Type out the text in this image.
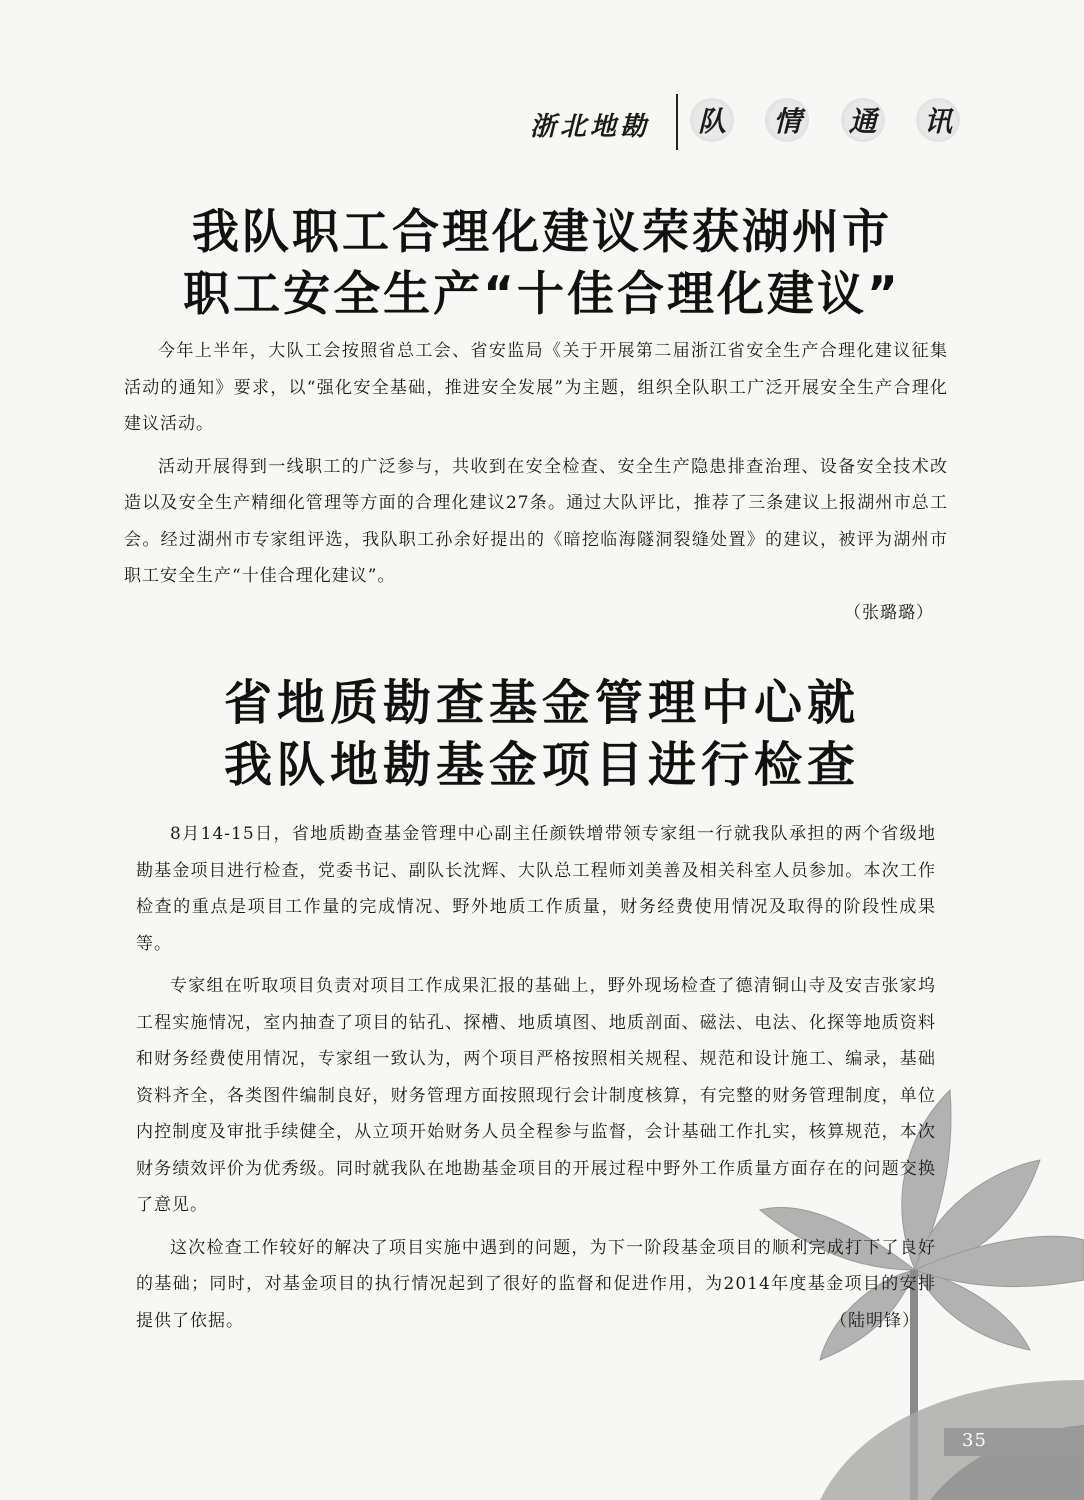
浙北地勘 队 情 通 讯
我队职工合理化建议荣获湖州市
职工安全生产“十佳合理化建议”

今年上半年，大队工会按照省总工会、省安监局《关于开展第二届浙江省安全生产合理化建议征集活动的通知》要求，以“强化安全基础，推进安全发展”为主题，组织全队职工广泛开展安全生产合理化建议活动。

活动开展得到一线职工的广泛参与，共收到在安全检查、安全生产隐患排查治理、设备安全技术改造以及安全生产精细化管理等方面的合理化建议27条。通过大队评比，推荐了三条建议上报湖州市总工会。经过湖州市专家组评选，我队职工孙余好提出的《暗挖临海隧洞裂缝处置》的建议，被评为湖州市职工安全生产“十佳合理化建议”。

（张璐璐）

省地质勘查基金管理中心就
我队地勘基金项目进行检查

8月14-15日，省地质勘查基金管理中心副主任颜铁增带领专家组一行就我队承担的两个省级地勘基金项目进行检查，党委书记、副队长沈辉、大队总工程师刘美善及相关科室人员参加。本次工作检查的重点是项目工作量的完成情况、野外地质工作质量，财务经费使用情况及取得的阶段性成果等。

专家组在听取项目负责对项目工作成果汇报的基础上，野外现场检查了德清铜山寺及安吉张家坞工程实施情况，室内抽查了项目的钻孔、探槽、地质填图、地质剖面、磁法、电法、化探等地质资料和财务经费使用情况，专家组一致认为，两个项目严格按照相关规程、规范和设计施工、编录，基础资料齐全，各类图件编制良好，财务管理方面按照现行会计制度核算，有完整的财务管理制度，单位内控制度及审批手续健全，从立项开始财务人员全程参与监督，会计基础工作扎实，核算规范，本次财务绩效评价为优秀级。同时就我队在地勘基金项目的开展过程中野外工作质量方面存在的问题交换了意见。

这次检查工作较好的解决了项目实施中遇到的问题，为下一阶段基金项目的顺利完成打下了良好的基础；同时，对基金项目的执行情况起到了很好的监督和促进作用，为2014年度基金项目的安排提供了依据。	（陆明锋）

35
